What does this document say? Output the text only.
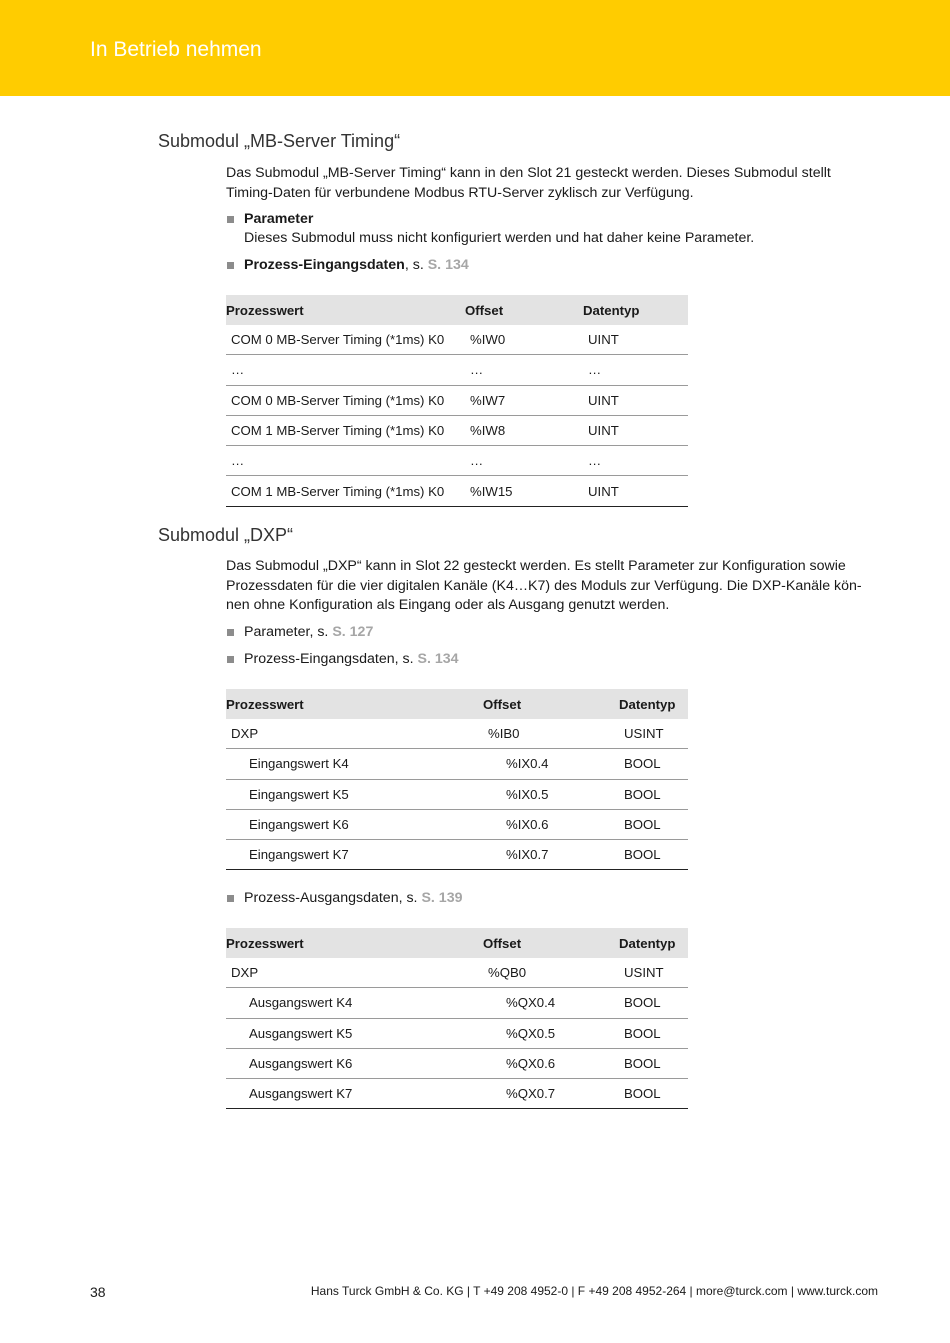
In Betrieb nehmen
Submodul „MB-Server Timing“
Das Submodul „MB-Server Timing“ kann in den Slot 21 gesteckt werden. Dieses Submodul stellt
Timing-Daten für verbundene Modbus RTU-Server zyklisch zur Verfügung.
Parameter
Dieses Submodul muss nicht konfiguriert werden und hat daher keine Parameter.
Prozess-Eingangsdaten, s. S. 134
Prozesswert	Offset	Datentyp
COM 0 MB-Server Timing (*1ms) K0	%IW0	UINT
…	…	…
COM 0 MB-Server Timing (*1ms) K0	%IW7	UINT
COM 1 MB-Server Timing (*1ms) K0	%IW8	UINT
…	…	…
COM 1 MB-Server Timing (*1ms) K0	%IW15	UINT
Submodul „DXP“
Das Submodul „DXP“ kann in Slot 22 gesteckt werden. Es stellt Parameter zur Konfiguration sowie
Prozessdaten für die vier digitalen Kanäle (K4…K7) des Moduls zur Verfügung. Die DXP-Kanäle kön-
nen ohne Konfiguration als Eingang oder als Ausgang genutzt werden.
Parameter, s. S. 127
Prozess-Eingangsdaten, s. S. 134
Prozesswert	Offset	Datentyp
DXP	%IB0	USINT
Eingangswert K4	%IX0.4	BOOL
Eingangswert K5	%IX0.5	BOOL
Eingangswert K6	%IX0.6	BOOL
Eingangswert K7	%IX0.7	BOOL
Prozess-Ausgangsdaten, s. S. 139
Prozesswert	Offset	Datentyp
DXP	%QB0	USINT
Ausgangswert K4	%QX0.4	BOOL
Ausgangswert K5	%QX0.5	BOOL
Ausgangswert K6	%QX0.6	BOOL
Ausgangswert K7	%QX0.7	BOOL
38	Hans Turck GmbH & Co. KG | T +49 208 4952-0 | F +49 208 4952-264 | more@turck.com | www.turck.com
